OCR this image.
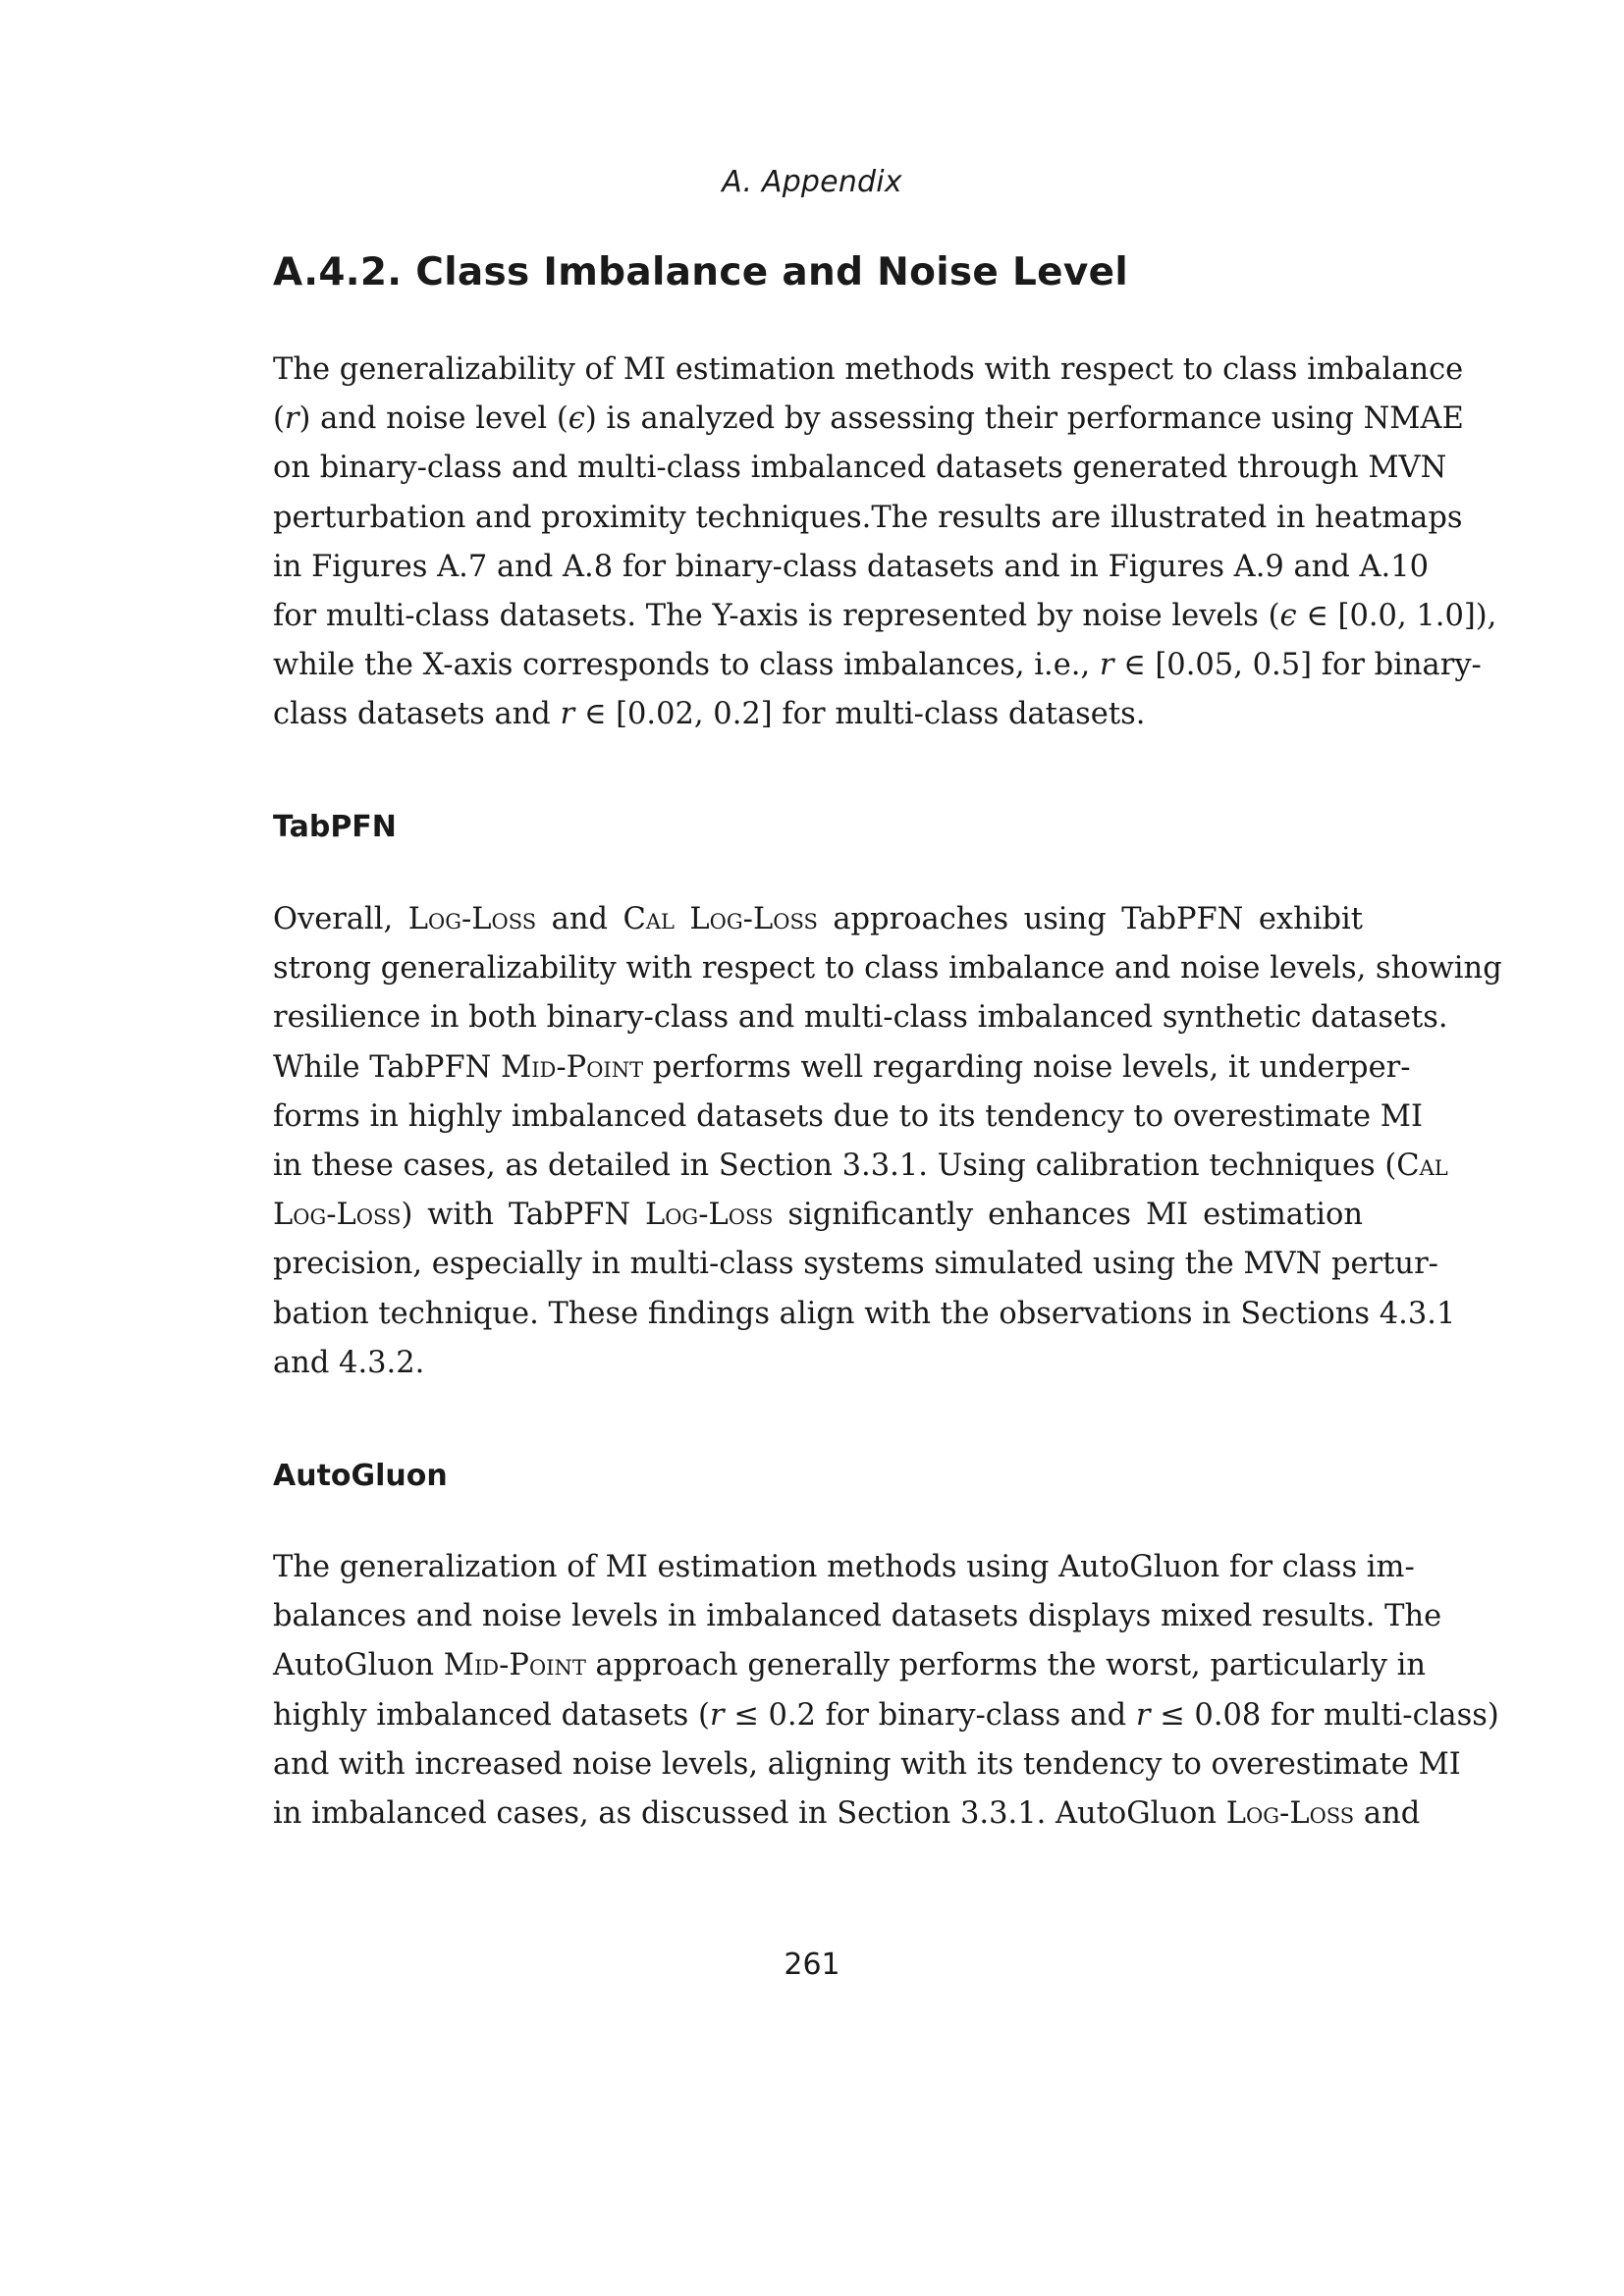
A. Appendix
A.4.2. Class Imbalance and Noise Level
The generalizability of MI estimation methods with respect to class imbalance
(r) and noise level (ϵ) is analyzed by assessing their performance using NMAE
on binary-class and multi-class imbalanced datasets generated through MVN
perturbation and proximity techniques.The results are illustrated in heatmaps
in Figures A.7 and A.8 for binary-class datasets and in Figures A.9 and A.10
for multi-class datasets. The Y-axis is represented by noise levels (ϵ ∈ [0.0, 1.0]),
while the X-axis corresponds to class imbalances, i.e., r ∈ [0.05, 0.5] for binary-
class datasets and r ∈ [0.02, 0.2] for multi-class datasets.
TabPFN
Overall, Log-Loss and Cal Log-Loss approaches using TabPFN exhibit
strong generalizability with respect to class imbalance and noise levels, showing
resilience in both binary-class and multi-class imbalanced synthetic datasets.
While TabPFN Mid-Point performs well regarding noise levels, it underper-
forms in highly imbalanced datasets due to its tendency to overestimate MI
in these cases, as detailed in Section 3.3.1. Using calibration techniques (Cal
Log-Loss) with TabPFN Log-Loss significantly enhances MI estimation
precision, especially in multi-class systems simulated using the MVN pertur-
bation technique. These findings align with the observations in Sections 4.3.1
and 4.3.2.
AutoGluon
The generalization of MI estimation methods using AutoGluon for class im-
balances and noise levels in imbalanced datasets displays mixed results. The
AutoGluon Mid-Point approach generally performs the worst, particularly in
highly imbalanced datasets (r ≤ 0.2 for binary-class and r ≤ 0.08 for multi-class)
and with increased noise levels, aligning with its tendency to overestimate MI
in imbalanced cases, as discussed in Section 3.3.1. AutoGluon Log-Loss and
261
